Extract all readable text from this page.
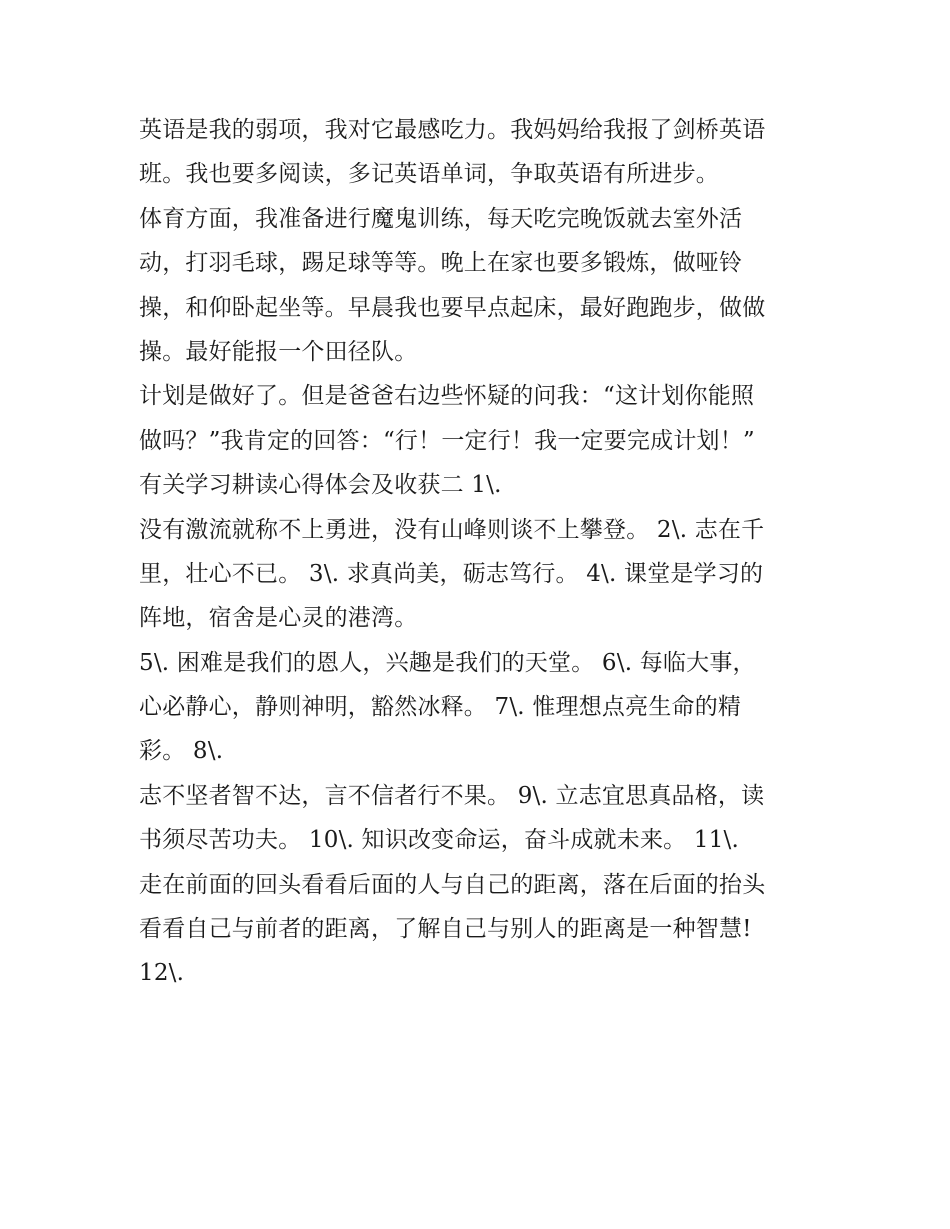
英语是我的弱项，我对它最感吃力。我妈妈给我报了剑桥英语
班。我也要多阅读，多记英语单词，争取英语有所进步。
体育方面，我准备进行魔鬼训练，每天吃完晚饭就去室外活
动，打羽毛球，踢足球等等。晚上在家也要多锻炼，做哑铃
操，和仰卧起坐等。早晨我也要早点起床，最好跑跑步，做做
操。最好能报一个田径队。
计划是做好了。但是爸爸右边些怀疑的问我：“这计划你能照
做吗？”我肯定的回答：“行！一定行！我一定要完成计划！”
有关学习耕读心得体会及收获二 1\.
没有激流就称不上勇进，没有山峰则谈不上攀登。 2\. 志在千
里，壮心不已。 3\. 求真尚美，砺志笃行。 4\. 课堂是学习的
阵地，宿舍是心灵的港湾。
5\. 困难是我们的恩人，兴趣是我们的天堂。 6\. 每临大事，
心必静心，静则神明，豁然冰释。 7\. 惟理想点亮生命的精
彩。 8\.
志不坚者智不达，言不信者行不果。 9\. 立志宜思真品格，读
书须尽苦功夫。 10\. 知识改变命运，奋斗成就未来。 11\.
走在前面的回头看看后面的人与自己的距离，落在后面的抬头
看看自己与前者的距离，了解自己与别人的距离是一种智慧!
12\.
